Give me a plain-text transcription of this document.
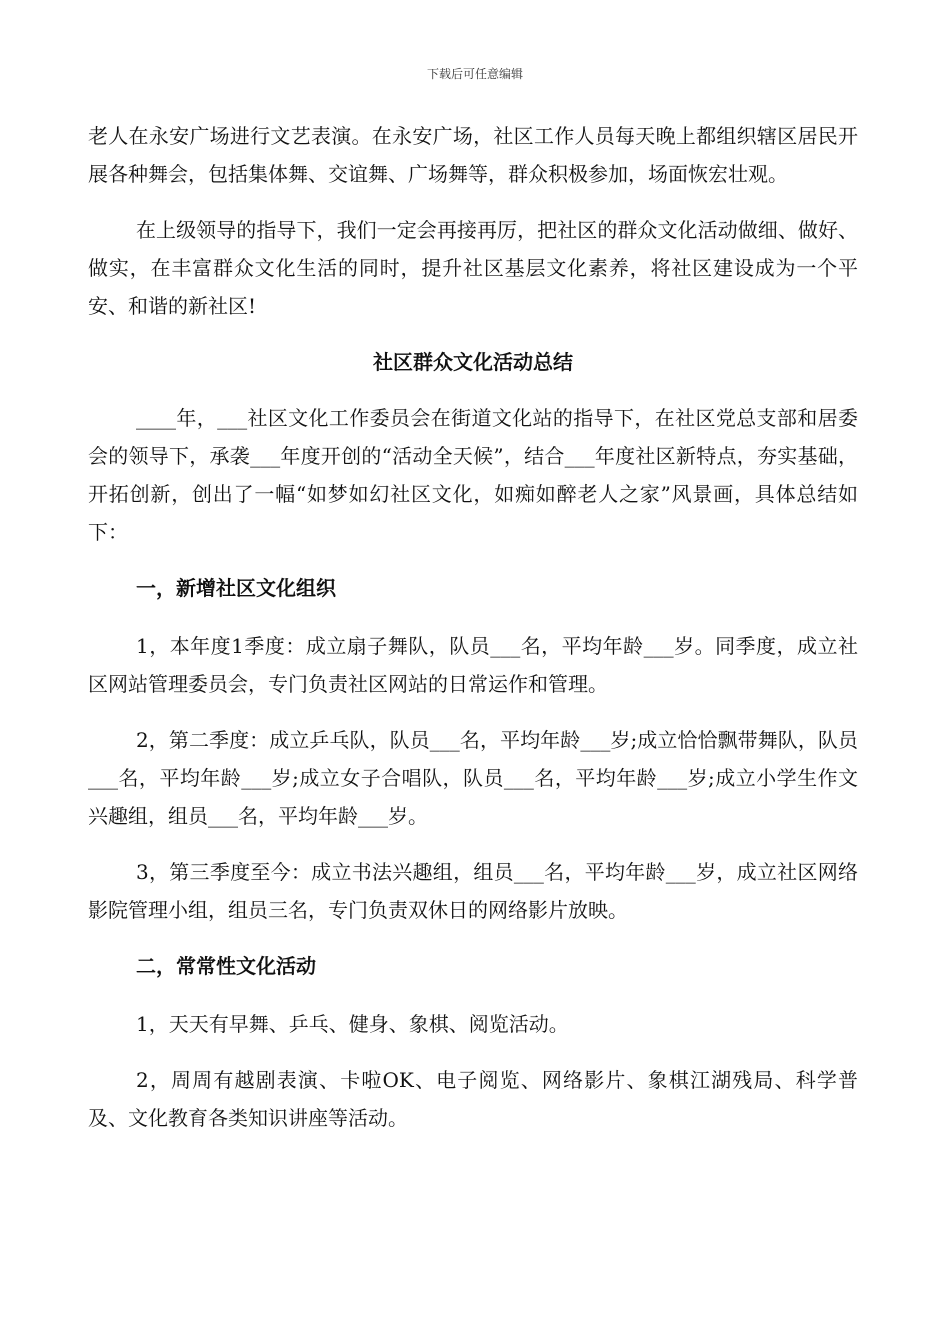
下载后可任意编辑

老人在永安广场进行文艺表演。在永安广场，社区工作人员每天晚上都组织辖区居民开展各种舞会，包括集体舞、交谊舞、广场舞等，群众积极参加，场面恢宏壮观。

在上级领导的指导下，我们一定会再接再厉，把社区的群众文化活动做细、做好、做实，在丰富群众文化生活的同时，提升社区基层文化素养，将社区建设成为一个平安、和谐的新社区!

社区群众文化活动总结

____年，___社区文化工作委员会在街道文化站的指导下，在社区党总支部和居委会的领导下，承袭___年度开创的“活动全天候”，结合___年度社区新特点，夯实基础，开拓创新，创出了一幅“如梦如幻社区文化，如痴如醉老人之家”风景画，具体总结如下：

一，新增社区文化组织

1，本年度1季度：成立扇子舞队，队员___名，平均年龄___岁。同季度，成立社区网站管理委员会，专门负责社区网站的日常运作和管理。

2，第二季度：成立乒乓队，队员___名，平均年龄___岁;成立恰恰飘带舞队，队员___名，平均年龄___岁;成立女子合唱队，队员___名，平均年龄___岁;成立小学生作文兴趣组，组员___名，平均年龄___岁。

3，第三季度至今：成立书法兴趣组，组员___名，平均年龄___岁，成立社区网络影院管理小组，组员三名，专门负责双休日的网络影片放映。

二，常常性文化活动

1，天天有早舞、乒乓、健身、象棋、阅览活动。

2，周周有越剧表演、卡啦OK、电子阅览、网络影片、象棋江湖残局、科学普及、文化教育各类知识讲座等活动。
